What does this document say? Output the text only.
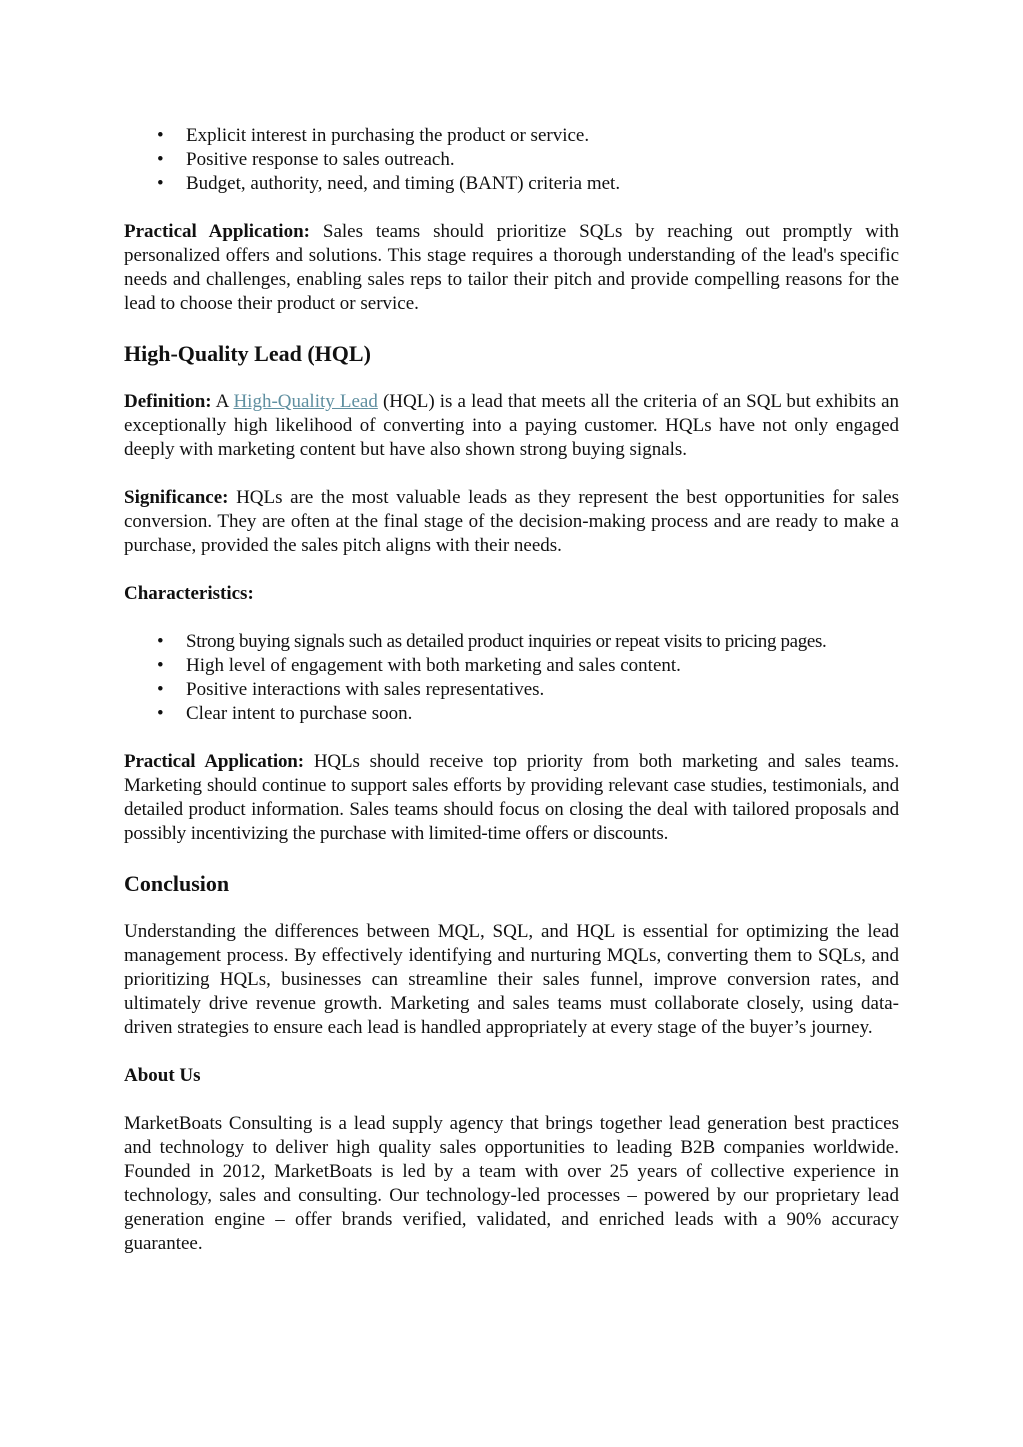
• Explicit interest in purchasing the product or service.
• Positive response to sales outreach.
• Budget, authority, need, and timing (BANT) criteria met.

Practical Application: Sales teams should prioritize SQLs by reaching out promptly with personalized offers and solutions. This stage requires a thorough understanding of the lead's specific needs and challenges, enabling sales reps to tailor their pitch and provide compelling reasons for the lead to choose their product or service.

High-Quality Lead (HQL)

Definition: A High-Quality Lead (HQL) is a lead that meets all the criteria of an SQL but exhibits an exceptionally high likelihood of converting into a paying customer. HQLs have not only engaged deeply with marketing content but have also shown strong buying signals.

Significance: HQLs are the most valuable leads as they represent the best opportunities for sales conversion. They are often at the final stage of the decision-making process and are ready to make a purchase, provided the sales pitch aligns with their needs.

Characteristics:

• Strong buying signals such as detailed product inquiries or repeat visits to pricing pages.
• High level of engagement with both marketing and sales content.
• Positive interactions with sales representatives.
• Clear intent to purchase soon.

Practical Application: HQLs should receive top priority from both marketing and sales teams. Marketing should continue to support sales efforts by providing relevant case studies, testimonials, and detailed product information. Sales teams should focus on closing the deal with tailored proposals and possibly incentivizing the purchase with limited-time offers or discounts.

Conclusion

Understanding the differences between MQL, SQL, and HQL is essential for optimizing the lead management process. By effectively identifying and nurturing MQLs, converting them to SQLs, and prioritizing HQLs, businesses can streamline their sales funnel, improve conversion rates, and ultimately drive revenue growth. Marketing and sales teams must collaborate closely, using data-driven strategies to ensure each lead is handled appropriately at every stage of the buyer’s journey.

About Us

MarketBoats Consulting is a lead supply agency that brings together lead generation best practices and technology to deliver high quality sales opportunities to leading B2B companies worldwide. Founded in 2012, MarketBoats is led by a team with over 25 years of collective experience in technology, sales and consulting. Our technology-led processes – powered by our proprietary lead generation engine – offer brands verified, validated, and enriched leads with a 90% accuracy guarantee.
